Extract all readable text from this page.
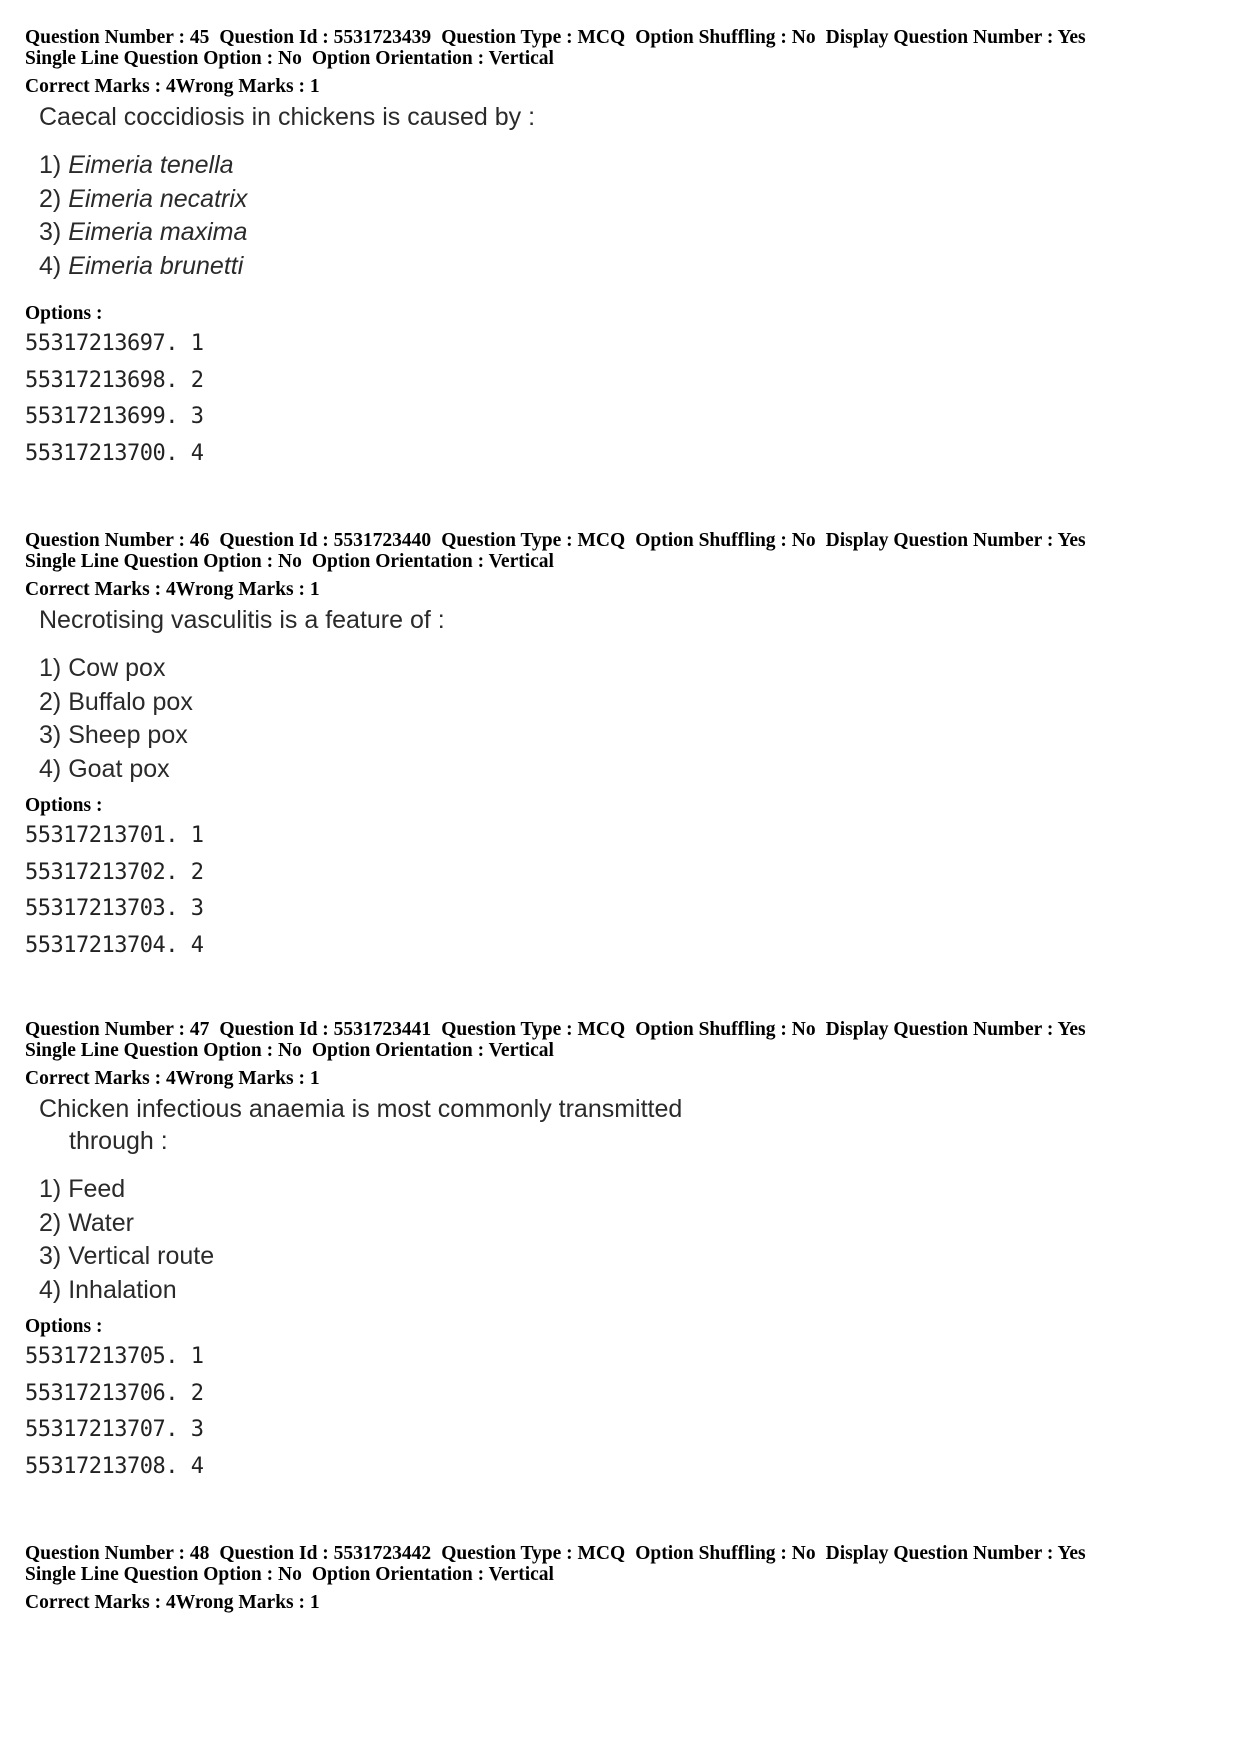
Question Number : 45 Question Id : 5531723439 Question Type : MCQ Option Shuffling : No Display Question Number : Yes
Single Line Question Option : No Option Orientation : Vertical
Correct Marks : 4Wrong Marks : 1
Caecal coccidiosis in chickens is caused by :
1) Eimeria tenella
2) Eimeria necatrix
3) Eimeria maxima
4) Eimeria brunetti
Options :
55317213697. 1
55317213698. 2
55317213699. 3
55317213700. 4
Question Number : 46 Question Id : 5531723440 Question Type : MCQ Option Shuffling : No Display Question Number : Yes
Single Line Question Option : No Option Orientation : Vertical
Correct Marks : 4Wrong Marks : 1
Necrotising vasculitis is a feature of :
1) Cow pox
2) Buffalo pox
3) Sheep pox
4) Goat pox
Options :
55317213701. 1
55317213702. 2
55317213703. 3
55317213704. 4
Question Number : 47 Question Id : 5531723441 Question Type : MCQ Option Shuffling : No Display Question Number : Yes
Single Line Question Option : No Option Orientation : Vertical
Correct Marks : 4Wrong Marks : 1
Chicken infectious anaemia is most commonly transmitted
through :
1) Feed
2) Water
3) Vertical route
4) Inhalation
Options :
55317213705. 1
55317213706. 2
55317213707. 3
55317213708. 4
Question Number : 48 Question Id : 5531723442 Question Type : MCQ Option Shuffling : No Display Question Number : Yes
Single Line Question Option : No Option Orientation : Vertical
Correct Marks : 4Wrong Marks : 1
